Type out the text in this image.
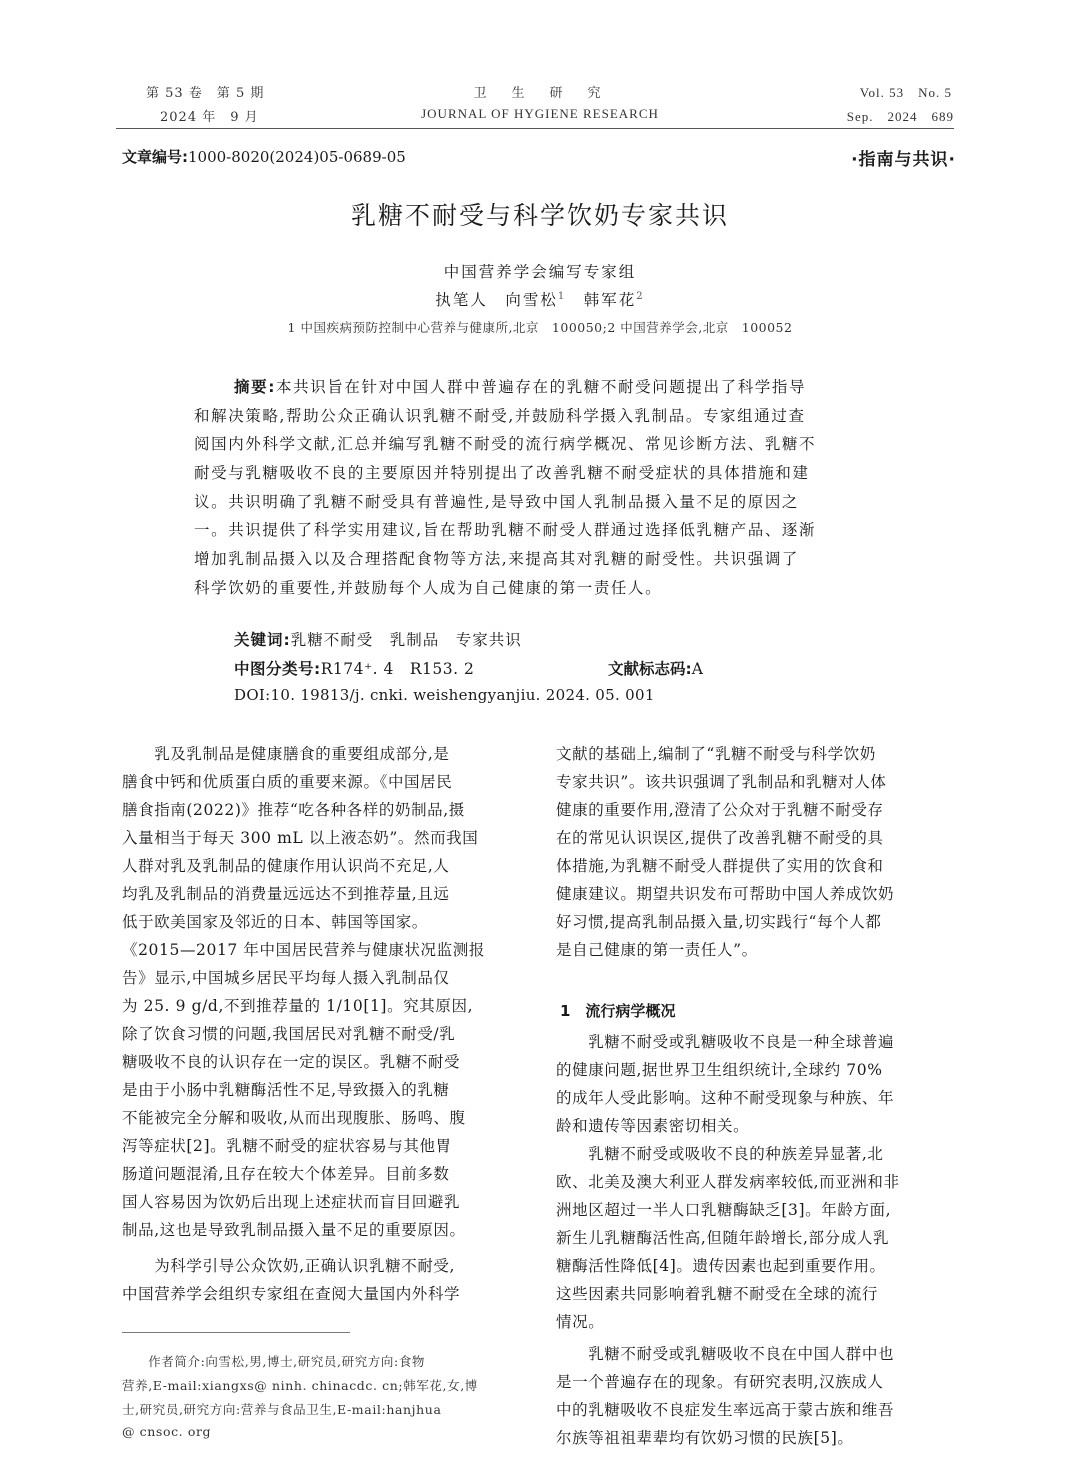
第 53 卷　第 5 期
2024 年　9 月
卫　生　研　究
JOURNAL OF HYGIENE RESEARCH
Vol. 53　No. 5
Sep.　2024　689
文章编号:1000-8020(2024)05-0689-05	·指南与共识·
乳糖不耐受与科学饮奶专家共识
中国营养学会编写专家组
执笔人　 向雪松$^1$　 韩军花$^2$
1 中国疾病预防控制中心营养与健康所,北京　100050;2 中国营养学会,北京　100052
摘要:本共识旨在针对中国人群中普遍存在的乳糖不耐受问题提出了科学指导
和解决策略,帮助公众正确认识乳糖不耐受,并鼓励科学摄入乳制品。专家组通过查
阅国内外科学文献,汇总并编写乳糖不耐受的流行病学概况、常见诊断方法、乳糖不
耐受与乳糖吸收不良的主要原因并特别提出了改善乳糖不耐受症状的具体措施和建
议。共识明确了乳糖不耐受具有普遍性,是导致中国人乳制品摄入量不足的原因之
一。共识提供了科学实用建议,旨在帮助乳糖不耐受人群通过选择低乳糖产品、逐渐
增加乳制品摄入以及合理搭配食物等方法,来提高其对乳糖的耐受性。共识强调了
科学饮奶的重要性,并鼓励每个人成为自己健康的第一责任人。
关键词:乳糖不耐受　乳制品　专家共识
中图分类号:R174⁺. 4　R153. 2	文献标志码:A
DOI:10. 19813/j. cnki. weishengyanjiu. 2024. 05. 001
　　乳及乳制品是健康膳食的重要组成部分,是
膳食中钙和优质蛋白质的重要来源。《中国居民
膳食指南(2022)》推荐“吃各种各样的奶制品,摄
入量相当于每天 300 mL 以上液态奶”。然而我国
人群对乳及乳制品的健康作用认识尚不充足,人
均乳及乳制品的消费量远远达不到推荐量,且远
低于欧美国家及邻近的日本、韩国等国家。
《2015—2017 年中国居民营养与健康状况监测报
告》显示,中国城乡居民平均每人摄入乳制品仅
为 25. 9 g/d,不到推荐量的 1/10[1]。究其原因,
除了饮食习惯的问题,我国居民对乳糖不耐受/乳
糖吸收不良的认识存在一定的误区。乳糖不耐受
是由于小肠中乳糖酶活性不足,导致摄入的乳糖
不能被完全分解和吸收,从而出现腹胀、肠鸣、腹
泻等症状[2]。乳糖不耐受的症状容易与其他胃
肠道问题混淆,且存在较大个体差异。目前多数
国人容易因为饮奶后出现上述症状而盲目回避乳
制品,这也是导致乳制品摄入量不足的重要原因。
　　为科学引导公众饮奶,正确认识乳糖不耐受,
中国营养学会组织专家组在查阅大量国内外科学
　　作者简介:向雪松,男,博士,研究员,研究方向:食物
营养,E-mail:xiangxs@ ninh. chinacdc. cn;韩军花,女,博
士,研究员,研究方向:营养与食品卫生,E-mail:hanjhua
@ cnsoc. org
文献的基础上,编制了“乳糖不耐受与科学饮奶
专家共识”。该共识强调了乳制品和乳糖对人体
健康的重要作用,澄清了公众对于乳糖不耐受存
在的常见认识误区,提供了改善乳糖不耐受的具
体措施,为乳糖不耐受人群提供了实用的饮食和
健康建议。期望共识发布可帮助中国人养成饮奶
好习惯,提高乳制品摄入量,切实践行“每个人都
是自己健康的第一责任人”。
1　流行病学概况
　　乳糖不耐受或乳糖吸收不良是一种全球普遍
的健康问题,据世界卫生组织统计,全球约 70%
的成年人受此影响。这种不耐受现象与种族、年
龄和遗传等因素密切相关。
　　乳糖不耐受或吸收不良的种族差异显著,北
欧、北美及澳大利亚人群发病率较低,而亚洲和非
洲地区超过一半人口乳糖酶缺乏[3]。年龄方面,
新生儿乳糖酶活性高,但随年龄增长,部分成人乳
糖酶活性降低[4]。遗传因素也起到重要作用。
这些因素共同影响着乳糖不耐受在全球的流行
情况。
　　乳糖不耐受或乳糖吸收不良在中国人群中也
是一个普遍存在的现象。有研究表明,汉族成人
中的乳糖吸收不良症发生率远高于蒙古族和维吾
尔族等祖祖辈辈均有饮奶习惯的民族[5]。
